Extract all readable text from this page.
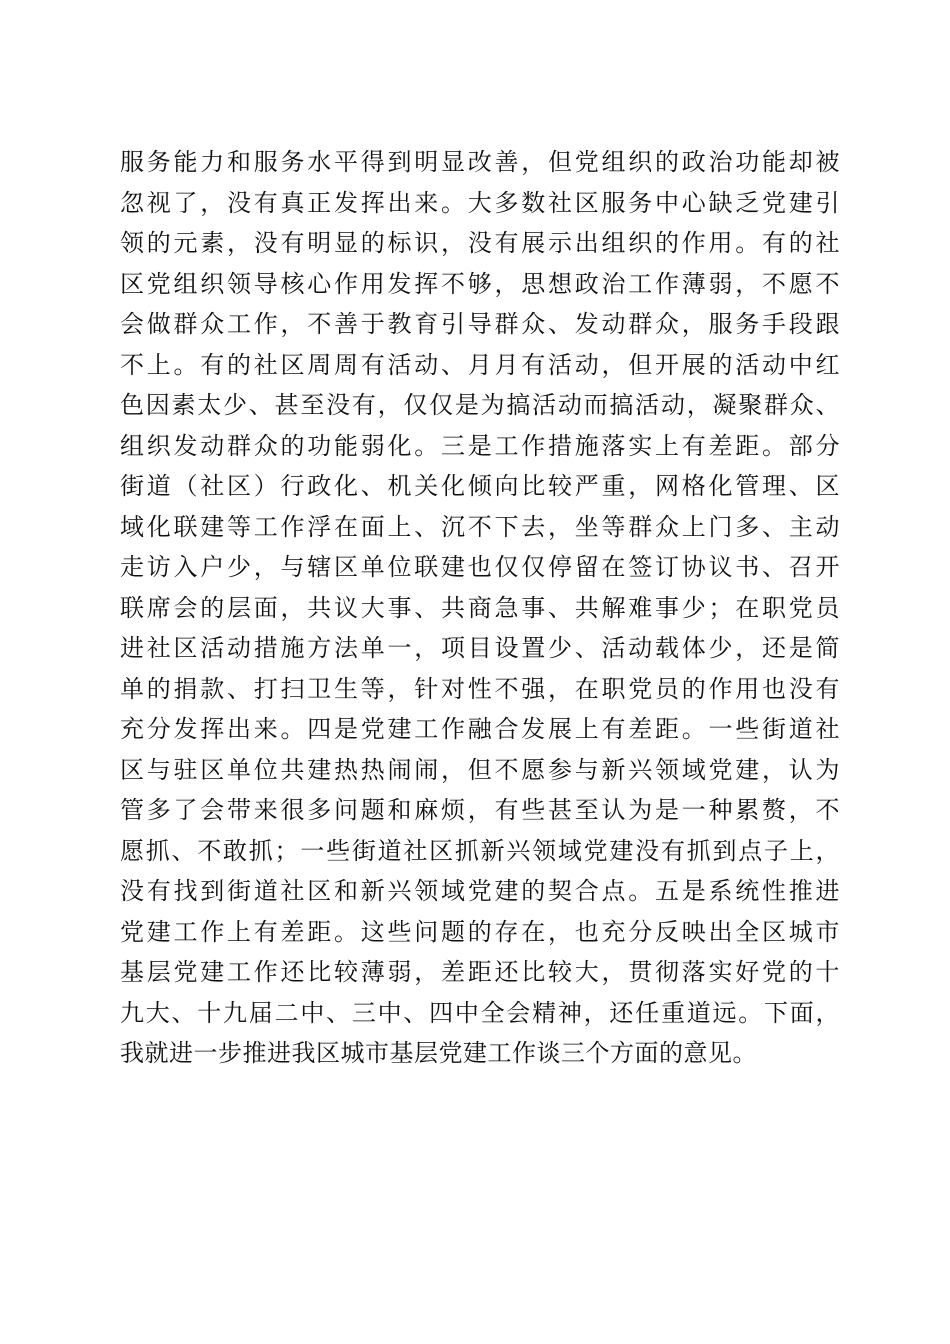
服务能力和服务水平得到明显改善，但党组织的政治功能却被
忽视了，没有真正发挥出来。大多数社区服务中心缺乏党建引
领的元素，没有明显的标识，没有展示出组织的作用。有的社
区党组织领导核心作用发挥不够，思想政治工作薄弱，不愿不
会做群众工作，不善于教育引导群众、发动群众，服务手段跟
不上。有的社区周周有活动、月月有活动，但开展的活动中红
色因素太少、甚至没有，仅仅是为搞活动而搞活动，凝聚群众、
组织发动群众的功能弱化。三是工作措施落实上有差距。部分
街道（社区）行政化、机关化倾向比较严重，网格化管理、区
域化联建等工作浮在面上、沉不下去，坐等群众上门多、主动
走访入户少，与辖区单位联建也仅仅停留在签订协议书、召开
联席会的层面，共议大事、共商急事、共解难事少；在职党员
进社区活动措施方法单一，项目设置少、活动载体少，还是简
单的捐款、打扫卫生等，针对性不强，在职党员的作用也没有
充分发挥出来。四是党建工作融合发展上有差距。一些街道社
区与驻区单位共建热热闹闹，但不愿参与新兴领域党建，认为
管多了会带来很多问题和麻烦，有些甚至认为是一种累赘，不
愿抓、不敢抓；一些街道社区抓新兴领域党建没有抓到点子上，
没有找到街道社区和新兴领域党建的契合点。五是系统性推进
党建工作上有差距。这些问题的存在，也充分反映出全区城市
基层党建工作还比较薄弱，差距还比较大，贯彻落实好党的十
九大、十九届二中、三中、四中全会精神，还任重道远。下面，
我就进一步推进我区城市基层党建工作谈三个方面的意见。
